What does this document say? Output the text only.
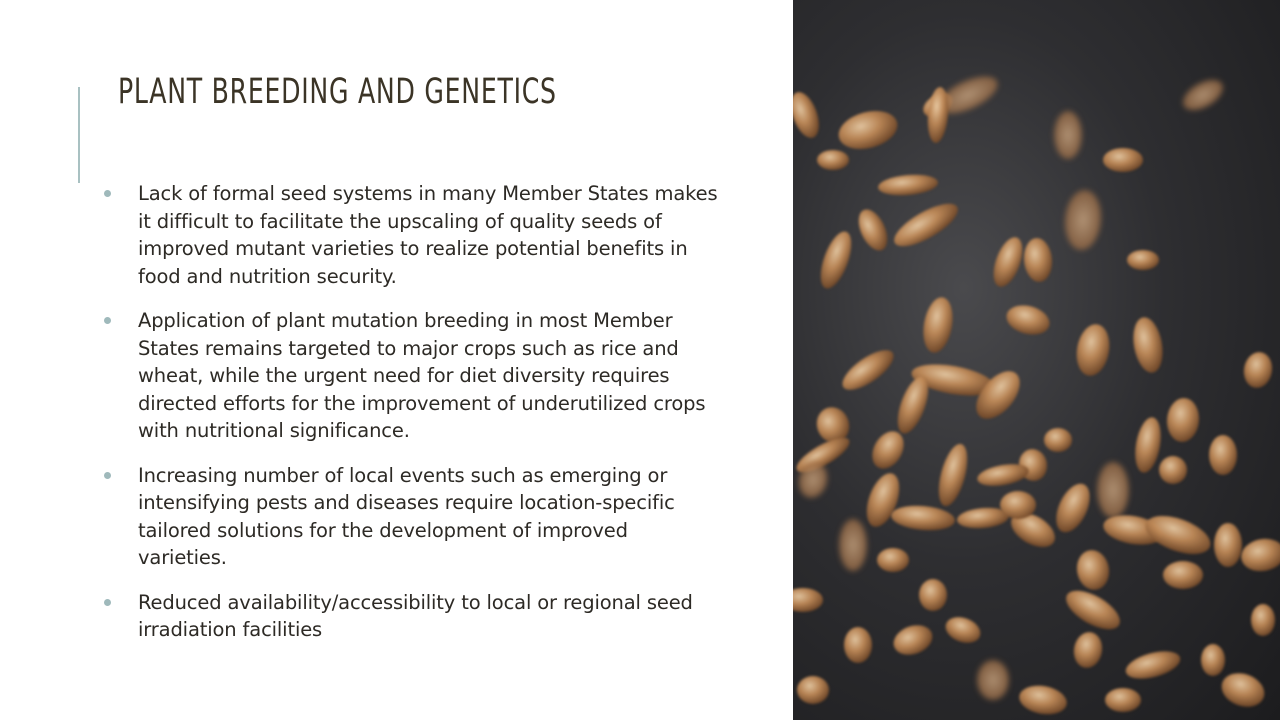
PLANT BREEDING AND GENETICS
Lack of formal seed systems in many Member States makes it difficult to facilitate the upscaling of quality seeds of improved mutant varieties to realize potential benefits in food and nutrition security.
Application of plant mutation breeding in most Member States remains targeted to major crops such as rice and wheat, while the urgent need for diet diversity requires directed efforts for the improvement of underutilized crops with nutritional significance.
Increasing number of local events such as emerging or intensifying pests and diseases require location-specific tailored solutions for the development of improved varieties.
Reduced availability/accessibility to local or regional seed irradiation facilities
